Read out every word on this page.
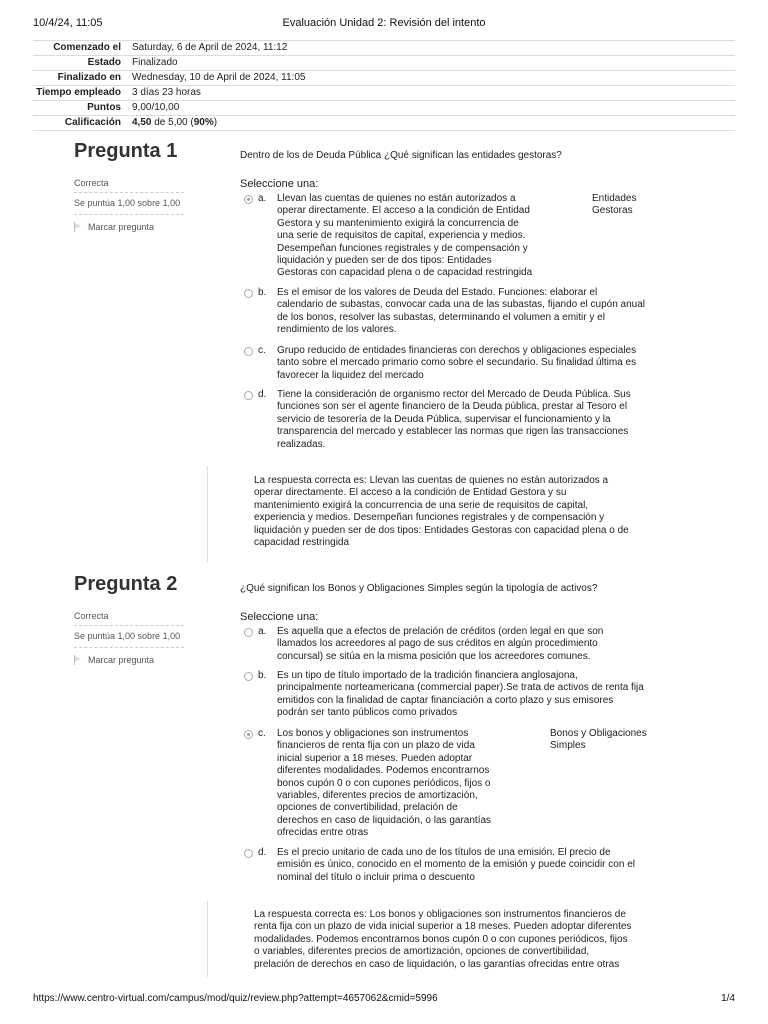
10/4/24, 11:05	Evaluación Unidad 2: Revisión del intento
Comenzado el	Saturday, 6 de April de 2024, 11:12
Estado	Finalizado
Finalizado en	Wednesday, 10 de April de 2024, 11:05
Tiempo empleado	3 días 23 horas
Puntos	9,00/10,00
Calificación	4,50 de 5,00 (90%)
Pregunta 1
Correcta
Se puntúa 1,00 sobre 1,00
Marcar pregunta
Dentro de los de Deuda Pública ¿Qué significan las entidades gestoras?
Seleccione una:
a. Llevan las cuentas de quienes no están autorizados a
operar directamente. El acceso a la condición de Entidad
Gestora y su mantenimiento exigirá la concurrencia de
una serie de requisitos de capital, experiencia y medios.
Desempeñan funciones registrales y de compensación y
liquidación y pueden ser de dos tipos: Entidades
Gestoras con capacidad plena o de capacidad restringida
Entidades
Gestoras
b. Es el emisor de los valores de Deuda del Estado. Funciones: elaborar el
calendario de subastas, convocar cada una de las subastas, fijando el cupón anual
de los bonos, resolver las subastas, determinando el volumen a emitir y el
rendimiento de los valores.
c. Grupo reducido de entidades financieras con derechos y obligaciones especiales
tanto sobre el mercado primario como sobre el secundario. Su finalidad última es
favorecer la liquidez del mercado
d. Tiene la consideración de organismo rector del Mercado de Deuda Pública. Sus
funciones son ser el agente financiero de la Deuda pública, prestar al Tesoro el
servicio de tesorería de la Deuda Pública, supervisar el funcionamiento y la
transparencia del mercado y establecer las normas que rigen las transacciones
realizadas.
La respuesta correcta es: Llevan las cuentas de quienes no están autorizados a
operar directamente. El acceso a la condición de Entidad Gestora y su
mantenimiento exigirá la concurrencia de una serie de requisitos de capital,
experiencia y medios. Desempeñan funciones registrales y de compensación y
liquidación y pueden ser de dos tipos: Entidades Gestoras con capacidad plena o de
capacidad restringida
Pregunta 2
Correcta
Se puntúa 1,00 sobre 1,00
Marcar pregunta
¿Qué significan los Bonos y Obligaciones Simples según la tipología de activos?
Seleccione una:
a. Es aquella que a efectos de prelación de créditos (orden legal en que son
llamados los acreedores al pago de sus créditos en algún procedimiento
concursal) se sitúa en la misma posición que los acreedores comunes.
b. Es un tipo de título importado de la tradición financiera anglosajona,
principalmente norteamericana (commercial paper).Se trata de activos de renta fija
emitidos con la finalidad de captar financiación a corto plazo y sus emisores
podrán ser tanto públicos como privados
c. Los bonos y obligaciones son instrumentos
financieros de renta fija con un plazo de vida
inicial superior a 18 meses. Pueden adoptar
diferentes modalidades. Podemos encontrarnos
bonos cupón 0 o con cupones periódicos, fijos o
variables, diferentes precios de amortización,
opciones de convertibilidad, prelación de
derechos en caso de liquidación, o las garantías
ofrecidas entre otras
Bonos y Obligaciones
Simples
d. Es el precio unitario de cada uno de los títulos de una emisión. El precio de
emisión es único, conocido en el momento de la emisión y puede coincidir con el
nominal del título o incluir prima o descuento
La respuesta correcta es: Los bonos y obligaciones son instrumentos financieros de
renta fija con un plazo de vida inicial superior a 18 meses. Pueden adoptar diferentes
modalidades. Podemos encontrarnos bonos cupón 0 o con cupones periódicos, fijos
o variables, diferentes precios de amortización, opciones de convertibilidad,
prelación de derechos en caso de liquidación, o las garantías ofrecidas entre otras
https://www.centro-virtual.com/campus/mod/quiz/review.php?attempt=4657062&cmid=5996	1/4
